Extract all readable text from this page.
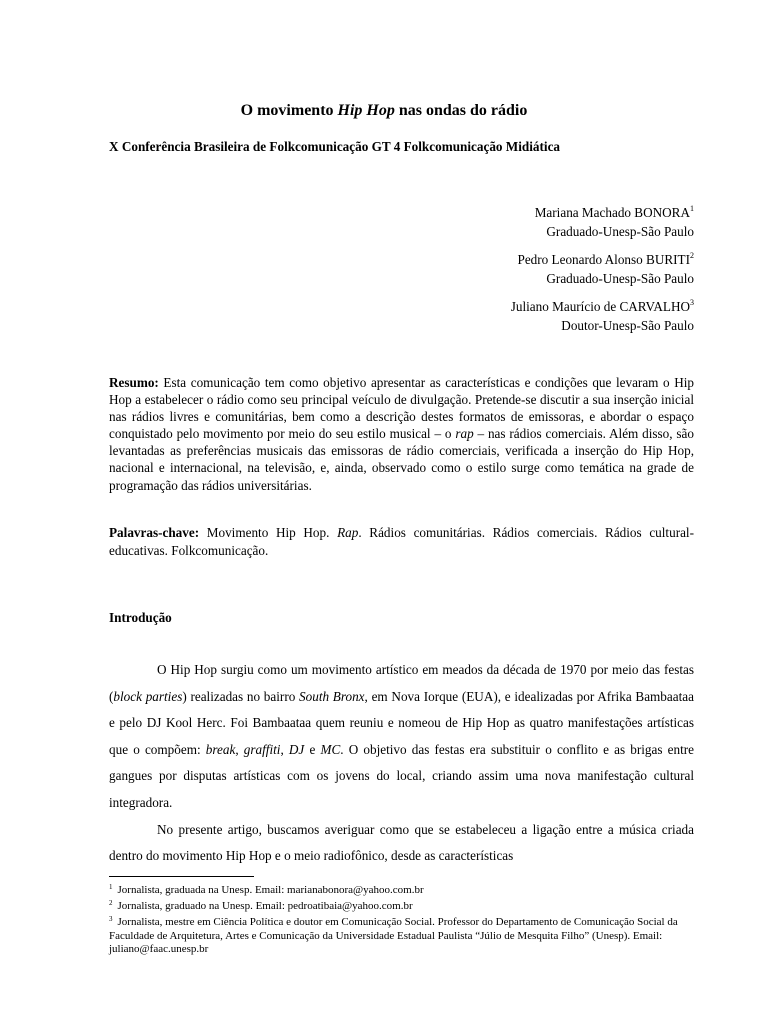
O movimento Hip Hop nas ondas do rádio
X Conferência Brasileira de Folkcomunicação GT 4 Folkcomunicação Midiática
Mariana Machado BONORA$^1$
Graduado-Unesp-São Paulo
Pedro Leonardo Alonso BURITI$^2$
Graduado-Unesp-São Paulo
Juliano Maurício de CARVALHO$^3$
Doutor-Unesp-São Paulo
Resumo: Esta comunicação tem como objetivo apresentar as características e condições que levaram o Hip Hop a estabelecer o rádio como seu principal veículo de divulgação. Pretende-se discutir a sua inserção inicial nas rádios livres e comunitárias, bem como a descrição destes formatos de emissoras, e abordar o espaço conquistado pelo movimento por meio do seu estilo musical – o rap – nas rádios comerciais. Além disso, são levantadas as preferências musicais das emissoras de rádio comerciais, verificada a inserção do Hip Hop, nacional e internacional, na televisão, e, ainda, observado como o estilo surge como temática na grade de programação das rádios universitárias.
Palavras-chave: Movimento Hip Hop. Rap. Rádios comunitárias. Rádios comerciais. Rádios cultural-educativas. Folkcomunicação.
Introdução

O Hip Hop surgiu como um movimento artístico em meados da década de 1970 por meio das festas (block parties) realizadas no bairro South Bronx, em Nova Iorque (EUA), e idealizadas por Afrika Bambaataa e pelo DJ Kool Herc. Foi Bambaataa quem reuniu e nomeou de Hip Hop as quatro manifestações artísticas que o compõem: break, graffiti, DJ e MC. O objetivo das festas era substituir o conflito e as brigas entre gangues por disputas artísticas com os jovens do local, criando assim uma nova manifestação cultural integradora.

No presente artigo, buscamos averiguar como que se estabeleceu a ligação entre a música criada dentro do movimento Hip Hop e o meio radiofônico, desde as características

$^1$ Jornalista, graduada na Unesp. Email: marianabonora@yahoo.com.br

$^2$ Jornalista, graduado na Unesp. Email: pedroatibaia@yahoo.com.br

$^3$ Jornalista, mestre em Ciência Política e doutor em Comunicação Social. Professor do Departamento de Comunicação Social da Faculdade de Arquitetura, Artes e Comunicação da Universidade Estadual Paulista “Júlio de Mesquita Filho” (Unesp). Email: juliano@faac.unesp.br
